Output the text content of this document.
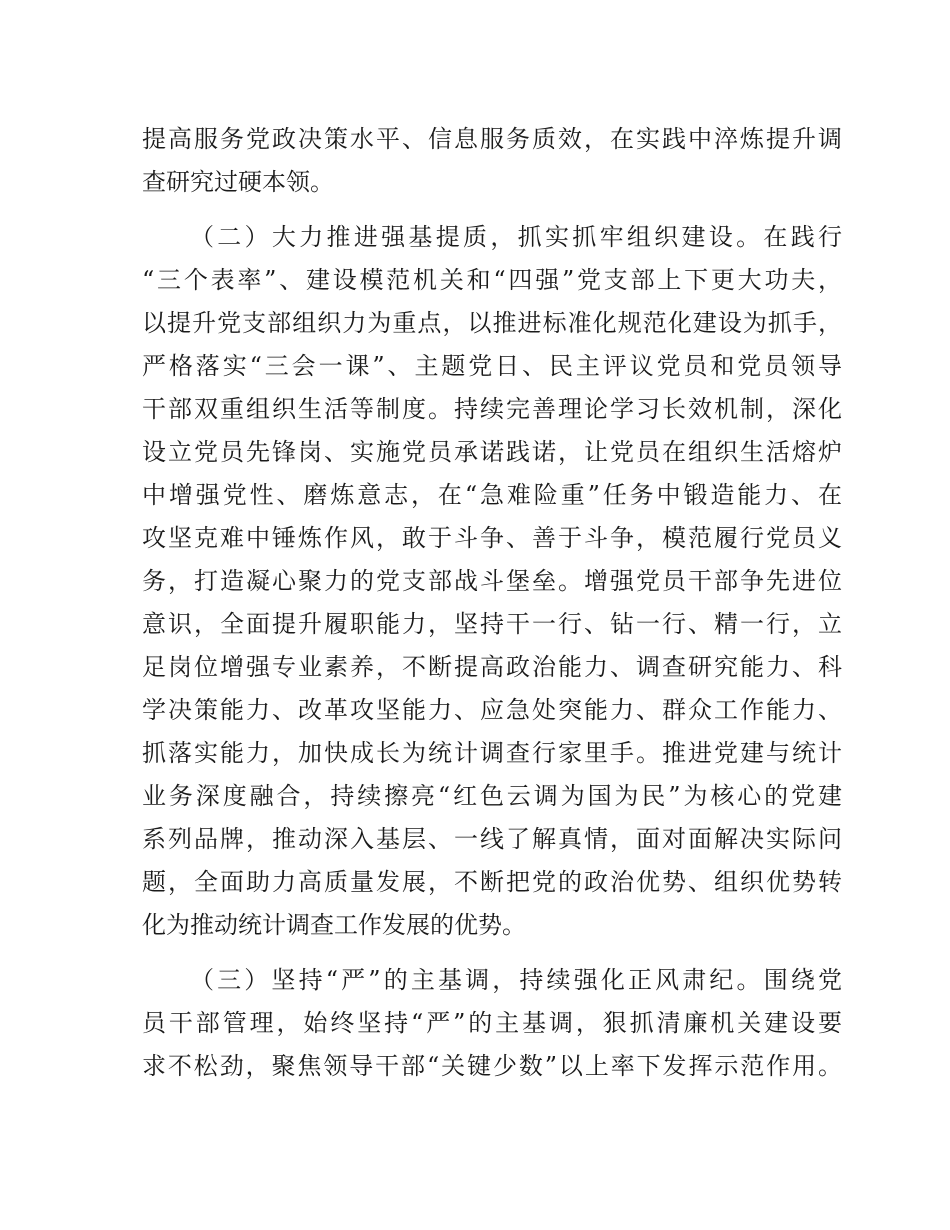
提高服务党政决策水平、信息服务质效，在实践中淬炼提升调

查研究过硬本领。

（二）大力推进强基提质，抓实抓牢组织建设。在践行

“三个表率”、建设模范机关和“四强”党支部上下更大功夫，

以提升党支部组织力为重点，以推进标准化规范化建设为抓手，

严格落实“三会一课”、主题党日、民主评议党员和党员领导

干部双重组织生活等制度。持续完善理论学习长效机制，深化

设立党员先锋岗、实施党员承诺践诺，让党员在组织生活熔炉

中增强党性、磨炼意志，在“急难险重”任务中锻造能力、在

攻坚克难中锤炼作风，敢于斗争、善于斗争，模范履行党员义

务，打造凝心聚力的党支部战斗堡垒。增强党员干部争先进位

意识，全面提升履职能力，坚持干一行、钻一行、精一行，立

足岗位增强专业素养，不断提高政治能力、调查研究能力、科

学决策能力、改革攻坚能力、应急处突能力、群众工作能力、

抓落实能力，加快成长为统计调查行家里手。推进党建与统计

业务深度融合，持续擦亮“红色云调为国为民”为核心的党建

系列品牌，推动深入基层、一线了解真情，面对面解决实际问

题，全面助力高质量发展，不断把党的政治优势、组织优势转

化为推动统计调查工作发展的优势。

（三）坚持“严”的主基调，持续强化正风肃纪。围绕党

员干部管理，始终坚持“严”的主基调，狠抓清廉机关建设要

求不松劲，聚焦领导干部“关键少数”以上率下发挥示范作用。
